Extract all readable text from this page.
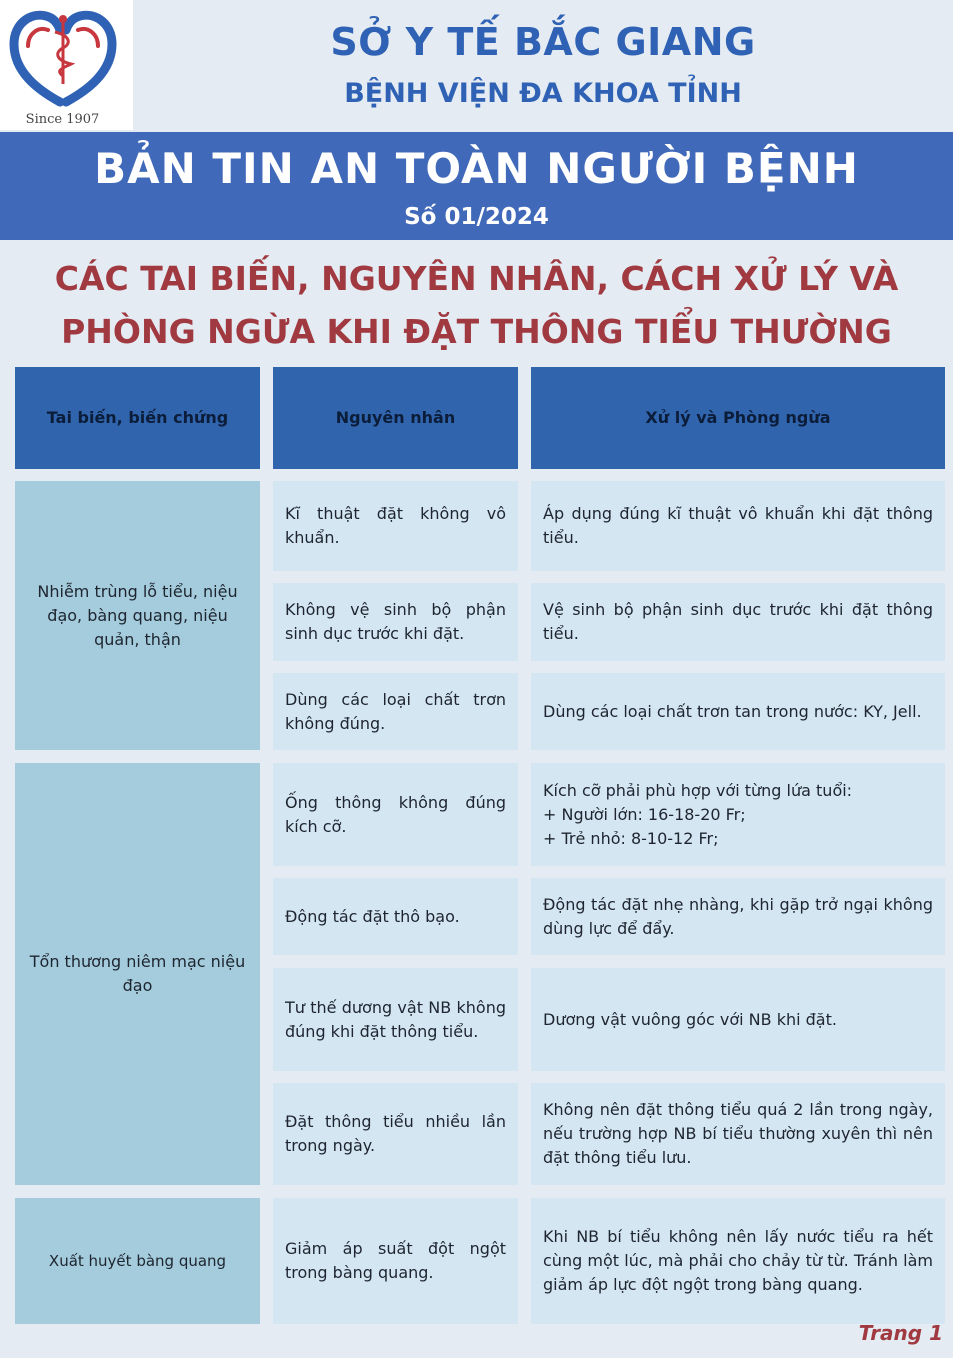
Since 1907
SỞ Y TẾ BẮC GIANG
BỆNH VIỆN ĐA KHOA TỈNH
BẢN TIN AN TOÀN NGƯỜI BỆNH
Số 01/2024
CÁC TAI BIẾN, NGUYÊN NHÂN, CÁCH XỬ LÝ VÀ
PHÒNG NGỪA KHI ĐẶT THÔNG TIỂU THƯỜNG
Tai biến, biến chứng	Nguyên nhân	Xử lý và Phòng ngừa
Nhiễm trùng lỗ tiểu, niệu đạo, bàng quang, niệu quản, thận
Kĩ thuật đặt không vô khuẩn.
Áp dụng đúng kĩ thuật vô khuẩn khi đặt thông tiểu.
Không vệ sinh bộ phận sinh dục trước khi đặt.
Vệ sinh bộ phận sinh dục trước khi đặt thông tiểu.
Dùng các loại chất trơn không đúng.
Dùng các loại chất trơn tan trong nước: KY, Jell.
Tổn thương niêm mạc niệu đạo
Ống thông không đúng kích cỡ.
Kích cỡ phải phù hợp với từng lứa tuổi:
+ Người lớn: 16-18-20 Fr;
+ Trẻ nhỏ: 8-10-12 Fr;
Động tác đặt thô bạo.
Động tác đặt nhẹ nhàng, khi gặp trở ngại không dùng lực để đẩy.
Tư thế dương vật NB không đúng khi đặt thông tiểu.
Dương vật vuông góc với NB khi đặt.
Đặt thông tiểu nhiều lần trong ngày.
Không nên đặt thông tiểu quá 2 lần trong ngày, nếu trường hợp NB bí tiểu thường xuyên thì nên đặt thông tiểu lưu.
Xuất huyết bàng quang
Giảm áp suất đột ngột trong bàng quang.
Khi NB bí tiểu không nên lấy nước tiểu ra hết cùng một lúc, mà phải cho chảy từ từ. Tránh làm giảm áp lực đột ngột trong bàng quang.
Trang 1
